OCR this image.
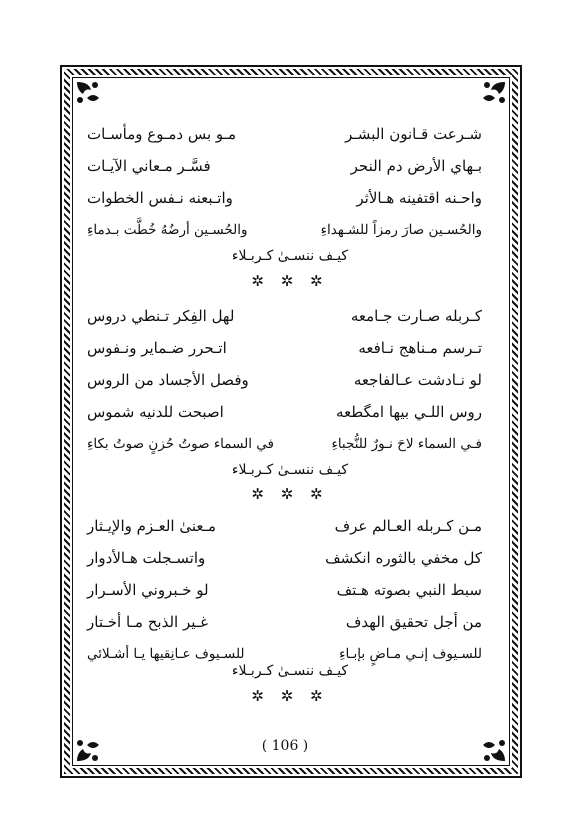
شـرعت قـانون البشـر
مـو بس دمـوع ومأسـات
بـهاي الأرض دم النحر
فسَّـر مـعاني الآيـات
واحـنه اقتفينه هـالأثر
واتـبعنه نـفس الخطوات
والحُسـين صارَ رمزاً للشـهداءِ
والحُسـين أرضُهُ خُطَّت بـدماءِ
كيـف ننسـىٰ كـربـلاء
✲ ✲ ✲
كـربله صـارت جـامعه
لهل الفِكر تـنطي دروس
تـرسم مـناهج نـافعه
اتـحرر ضـماير ونـفوس
لو نـادشت عـالفاجعه
وفصل الأجساد من الروس
روس اللـي بيها امگطعه
اصبحت للدنيه شموس
فـي السماء لاحَ نـورٌ للنُّجباءِ
في السماء صوتُ حُزنٍ صوتُ بكاءِ
كيـف ننسـىٰ كـربـلاء
✲ ✲ ✲
مـن كـربله العـالم عرف
مـعنىٰ العـزم والإيـثار
كل مخفي بالثوره انكشف
واتسـجلت هـالأدوار
سبط النبي بصوته هـتف
لو خـبروني الأسـرار
من أجل تحقيق الهدف
غـير الذبح مـا أخـتار
للسـيوف إنـي مـاضٍ بإبـاءِ
للسـيوف عـانِقيها يـا أشـلائي
كيـف ننسـىٰ كـربـلاء
✲ ✲ ✲
( 106 )
